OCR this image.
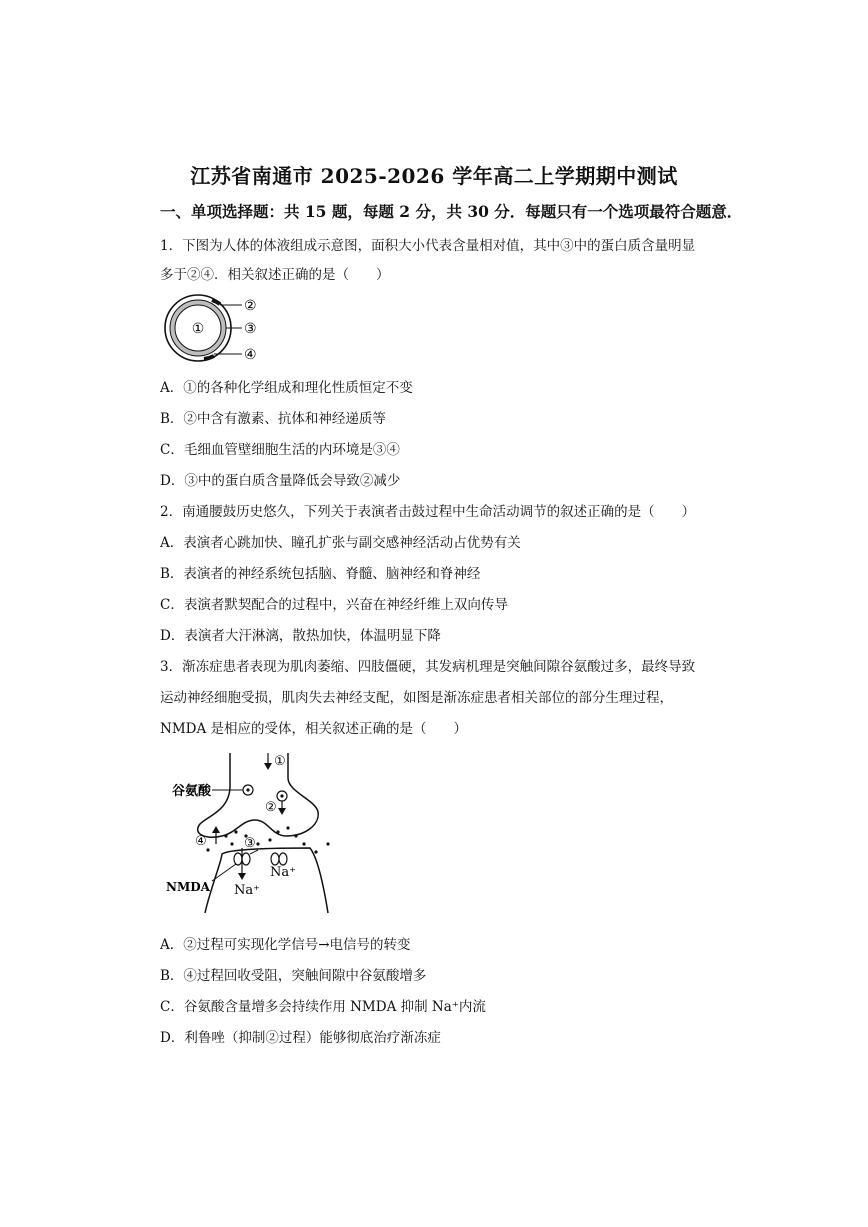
江苏省南通市 2025-2026 学年高二上学期期中测试
一、单项选择题：共 15 题，每题 2 分，共 30 分．每题只有一个选项最符合题意．
1．下图为人体的体液组成示意图，面积大小代表含量相对值，其中③中的蛋白质含量明显
多于②④．相关叙述正确的是（　　）
①
②
③
④
A．①的各种化学组成和理化性质恒定不变
B．②中含有激素、抗体和神经递质等
C．毛细血管壁细胞生活的内环境是③④
D．③中的蛋白质含量降低会导致②减少
2．南通腰鼓历史悠久，下列关于表演者击鼓过程中生命活动调节的叙述正确的是（　　）
A．表演者心跳加快、瞳孔扩张与副交感神经活动占优势有关
B．表演者的神经系统包括脑、脊髓、脑神经和脊神经
C．表演者默契配合的过程中，兴奋在神经纤维上双向传导
D．表演者大汗淋漓，散热加快，体温明显下降
3．渐冻症患者表现为肌肉萎缩、四肢僵硬，其发病机理是突触间隙谷氨酸过多，最终导致
运动神经细胞受损，肌肉失去神经支配，如图是渐冻症患者相关部位的部分生理过程，
NMDA 是相应的受体，相关叙述正确的是（　　）
谷氨酸
①
②
④	③
Na⁺
Na⁺
NMDA
A．②过程可实现化学信号→电信号的转变
B．④过程回收受阻，突触间隙中谷氨酸增多
C．谷氨酸含量增多会持续作用 NMDA 抑制 Na⁺内流
D．利鲁唑（抑制②过程）能够彻底治疗渐冻症
